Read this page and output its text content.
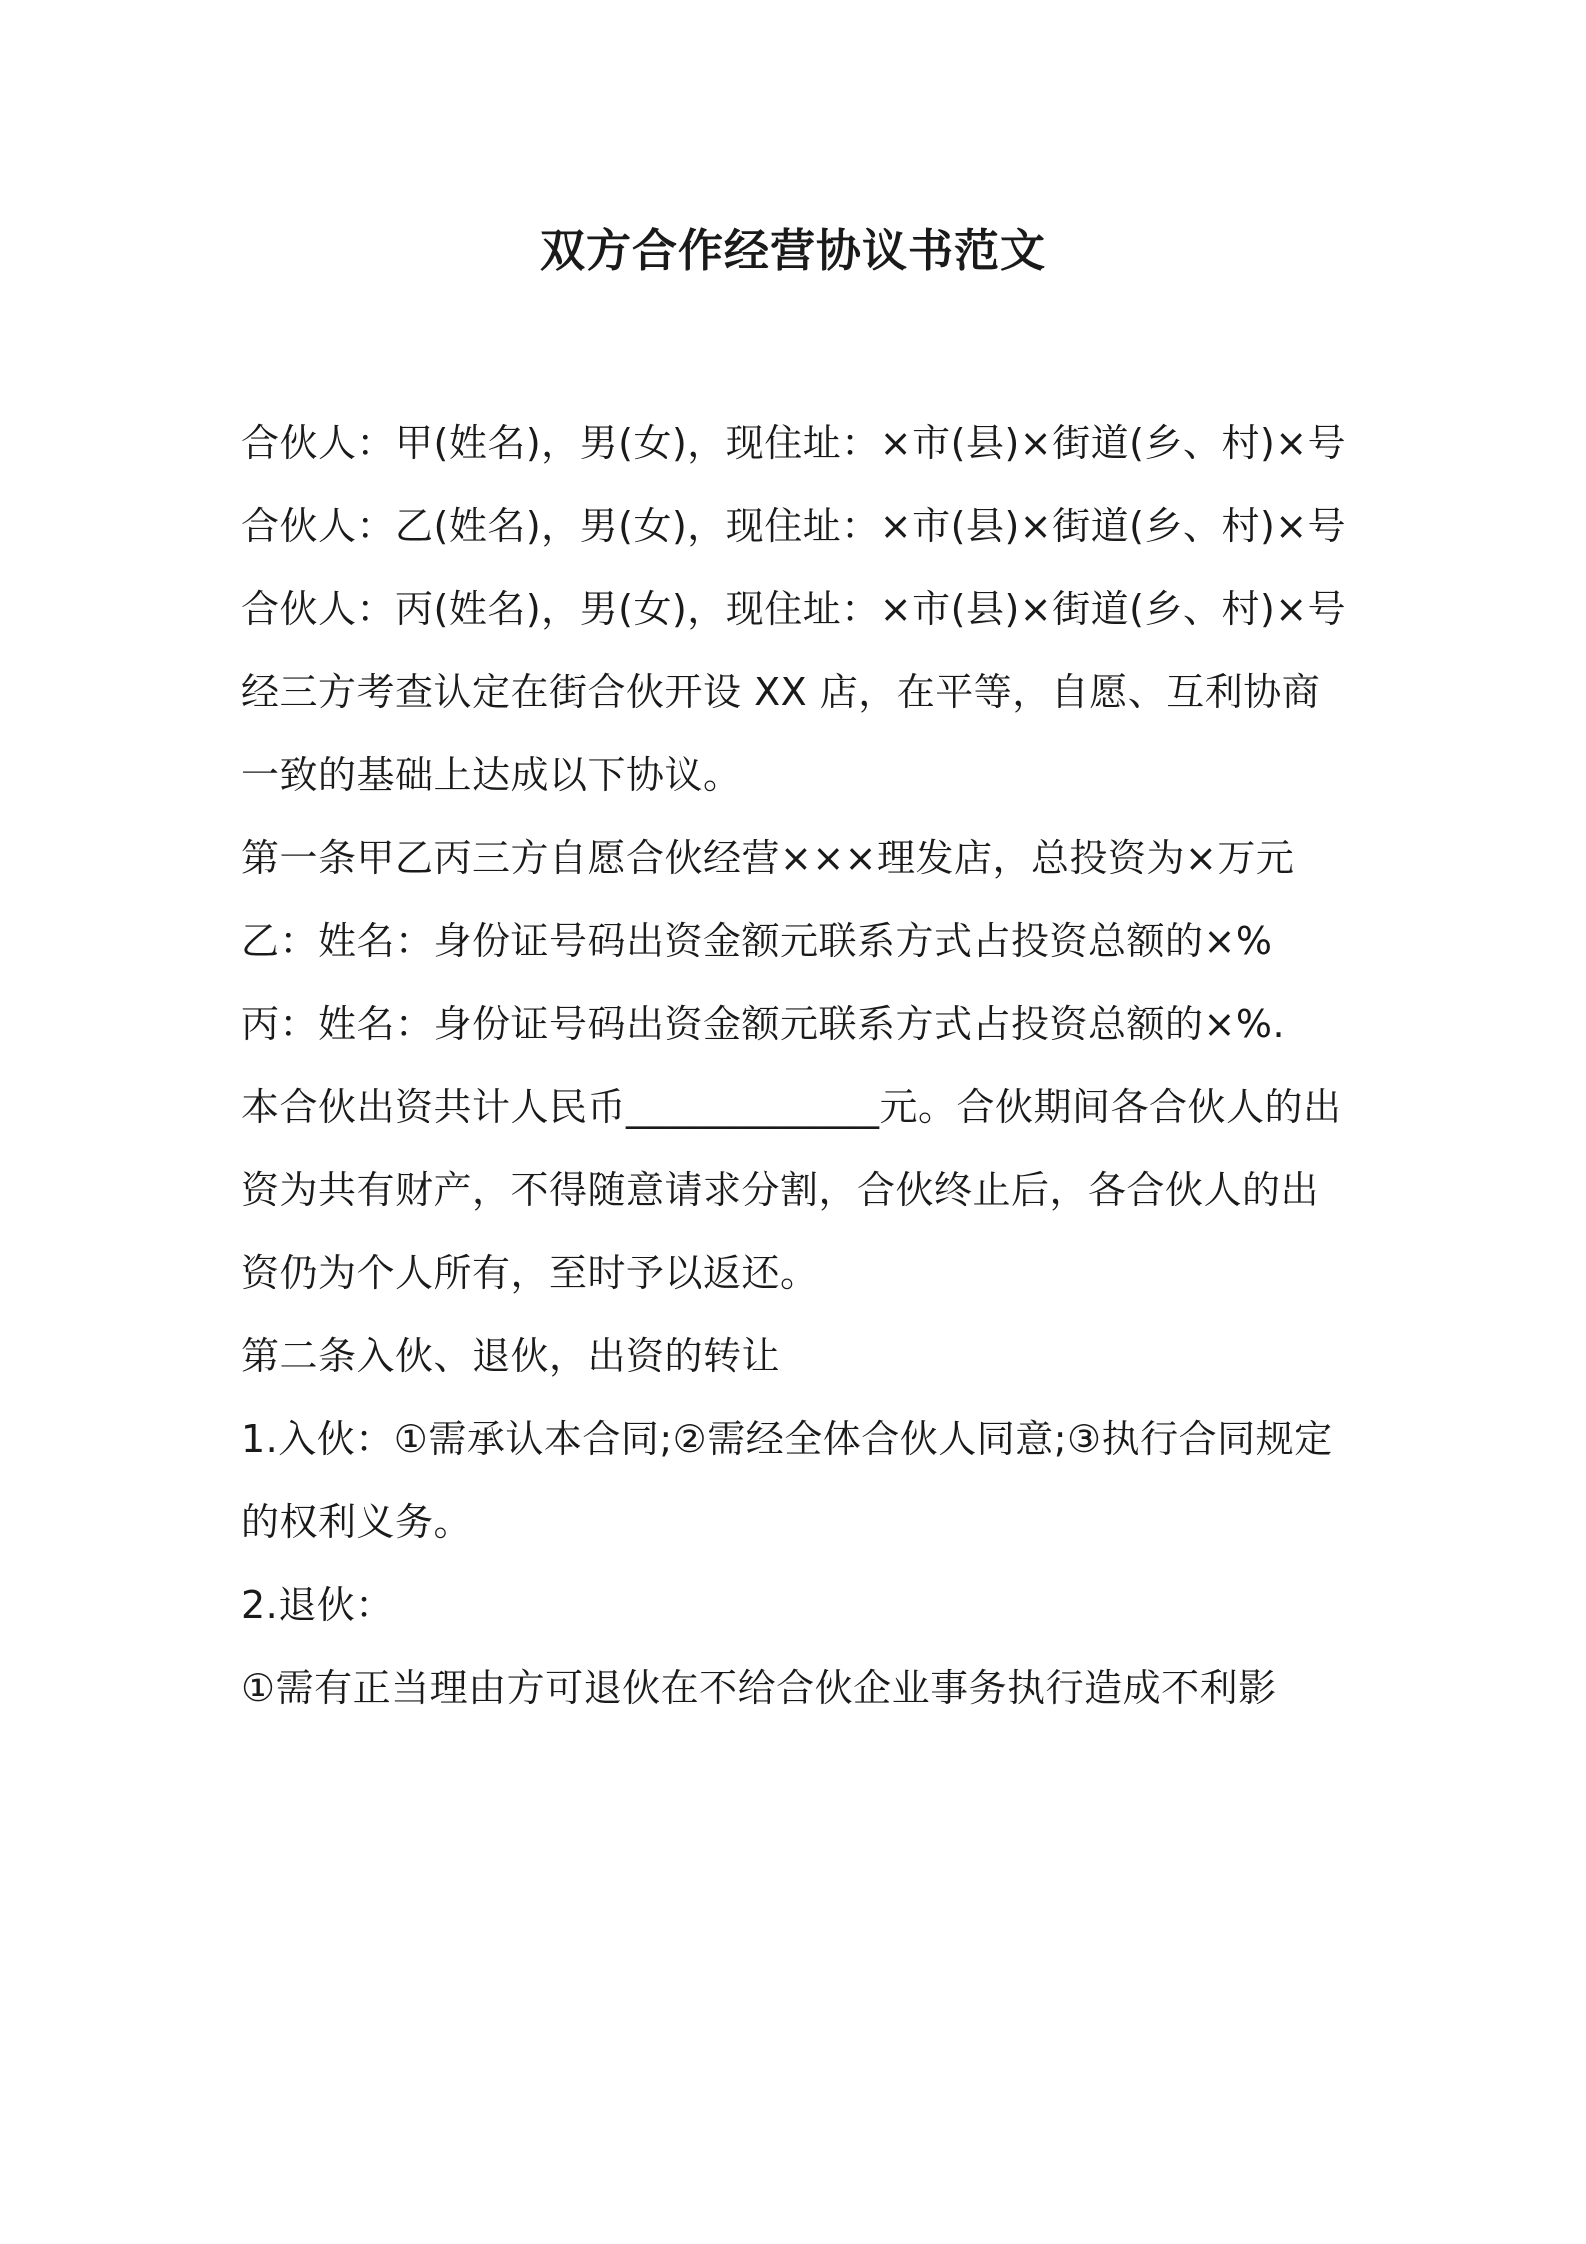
双方合作经营协议书范文

合伙人：甲(姓名)，男(女)，现住址：×市(县)×街道(乡、村)×号

合伙人：乙(姓名)，男(女)，现住址：×市(县)×街道(乡、村)×号

合伙人：丙(姓名)，男(女)，现住址：×市(县)×街道(乡、村)×号

经三方考查认定在街合伙开设 XX 店，在平等，自愿、互利协商一致的基础上达成以下协议。

第一条甲乙丙三方自愿合伙经营×××理发店，总投资为×万元

乙：姓名：身份证号码出资金额元联系方式占投资总额的×%

丙：姓名：身份证号码出资金额元联系方式占投资总额的×%.

本合伙出资共计人民币_____________元。合伙期间各合伙人的出资为共有财产，不得随意请求分割，合伙终止后，各合伙人的出资仍为个人所有，至时予以返还。

第二条入伙、退伙，出资的转让

1.入伙：①需承认本合同;②需经全体合伙人同意;③执行合同规定的权利义务。

2.退伙：

①需有正当理由方可退伙在不给合伙企业事务执行造成不利影
